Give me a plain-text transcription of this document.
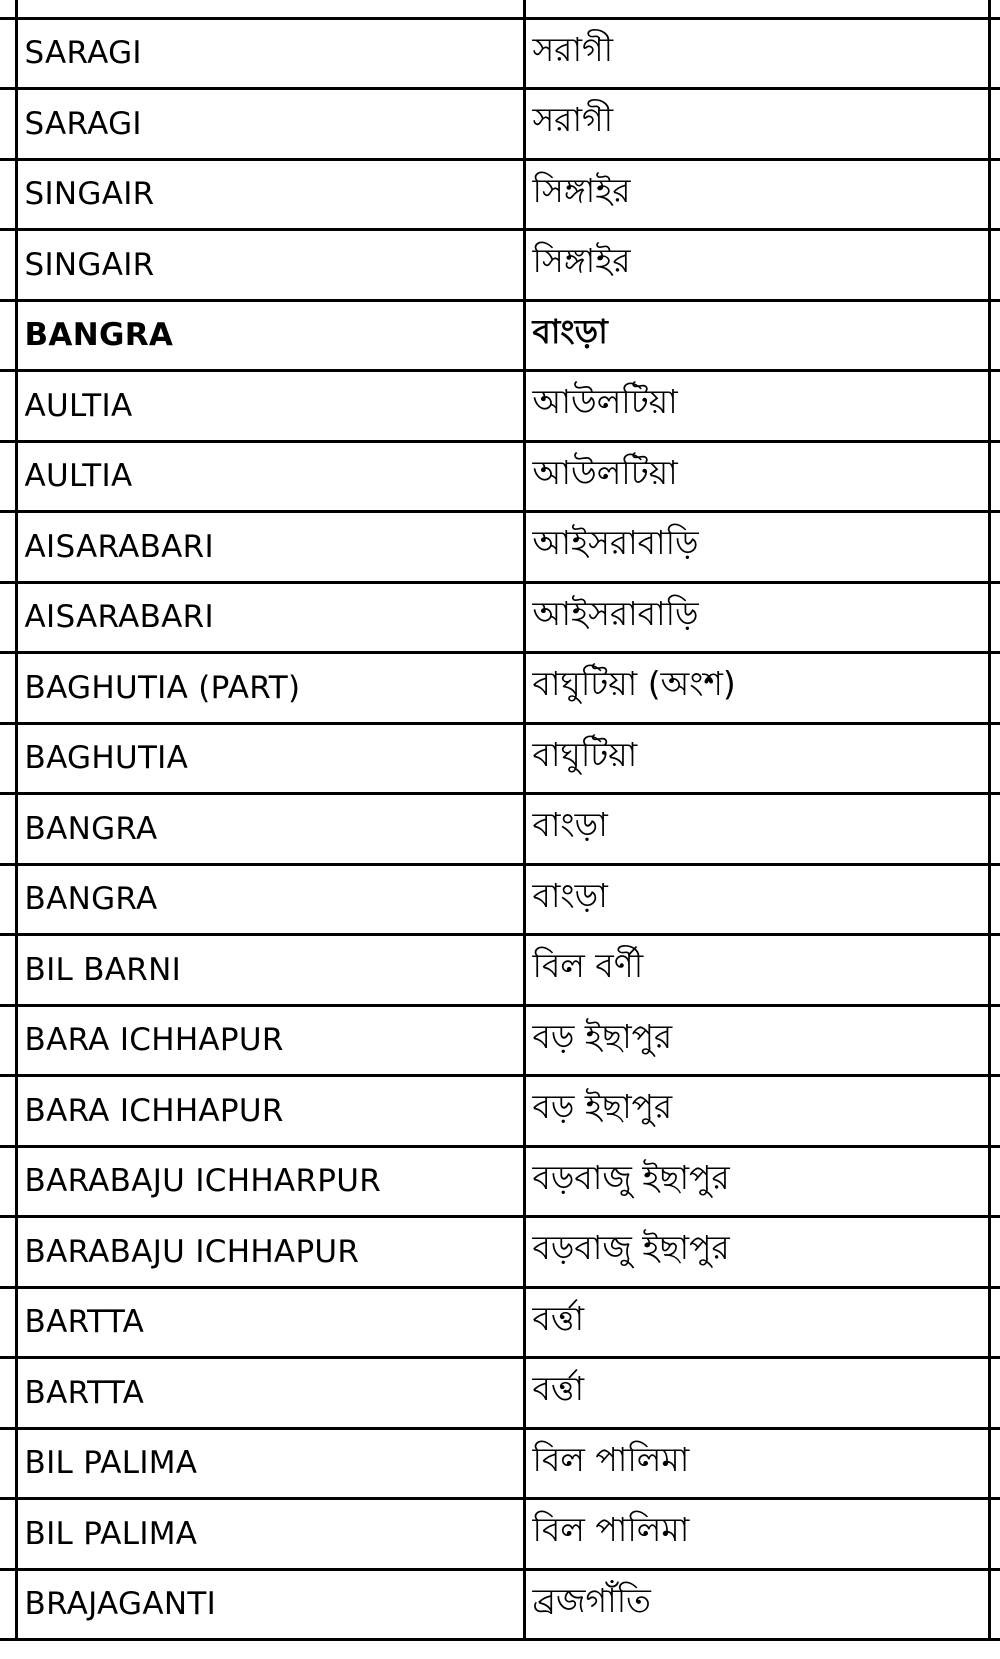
	SARAGI	সরাগী	
	SARAGI	সরাগী	
	SINGAIR	সিঙ্গাইর	
	SINGAIR	সিঙ্গাইর	
	BANGRA	বাংড়া	
	AULTIA	আউলটিয়া	
	AULTIA	আউলটিয়া	
	AISARABARI	আইসরাবাড়ি	
	AISARABARI	আইসরাবাড়ি	
	BAGHUTIA (PART)	বাঘুটিয়া (অংশ)	
	BAGHUTIA	বাঘুটিয়া	
	BANGRA	বাংড়া	
	BANGRA	বাংড়া	
	BIL BARNI	বিল বর্ণী	
	BARA ICHHAPUR	বড় ইছাপুর	
	BARA ICHHAPUR	বড় ইছাপুর	
	BARABAJU ICHHARPUR	বড়বাজু ইছাপুর	
	BARABAJU ICHHAPUR	বড়বাজু ইছাপুর	
	BARTTA	বর্ত্তা	
	BARTTA	বর্ত্তা	
	BIL PALIMA	বিল পালিমা	
	BIL PALIMA	বিল পালিমা	
	BRAJAGANTI	ব্রজগাঁতি	
